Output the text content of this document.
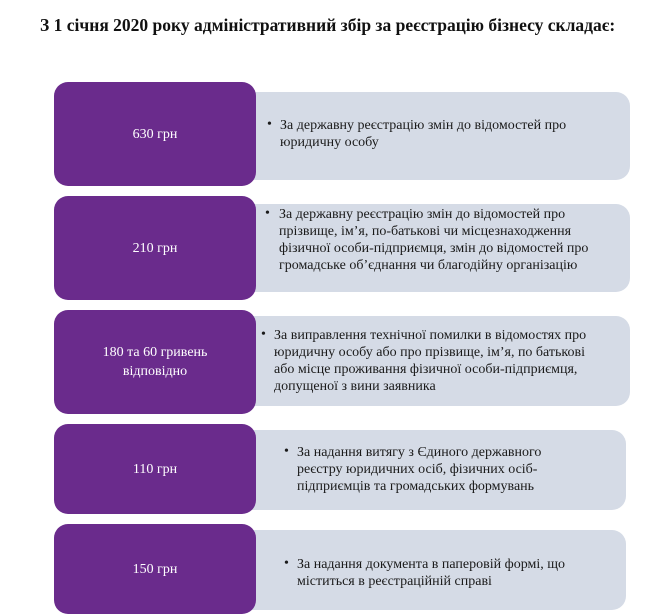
З 1 січня 2020 року адміністративний збір за реєстрацію бізнесу складає:
• За державну реєстрацію змін до відомостей про юридичну особу
630 грн
• За державну реєстрацію змін до відомостей про прізвище, ім’я, по-батькові чи місцезнаходження фізичної особи-підприємця, змін до відомостей про громадське об’єднання чи благодійну організацію
210 грн
• За виправлення технічної помилки в відомостях про юридичну особу або про прізвище, ім’я, по батькові або місце проживання фізичної особи-підприємця, допущеної з вини заявника
180 та 60 гривень відповідно
• За надання витягу з Єдиного державного реєстру юридичних осіб, фізичних осіб-підприємців та громадських формувань
110 грн
• За надання документа в паперовій формі, що міститься в реєстраційній справі
150 грн
